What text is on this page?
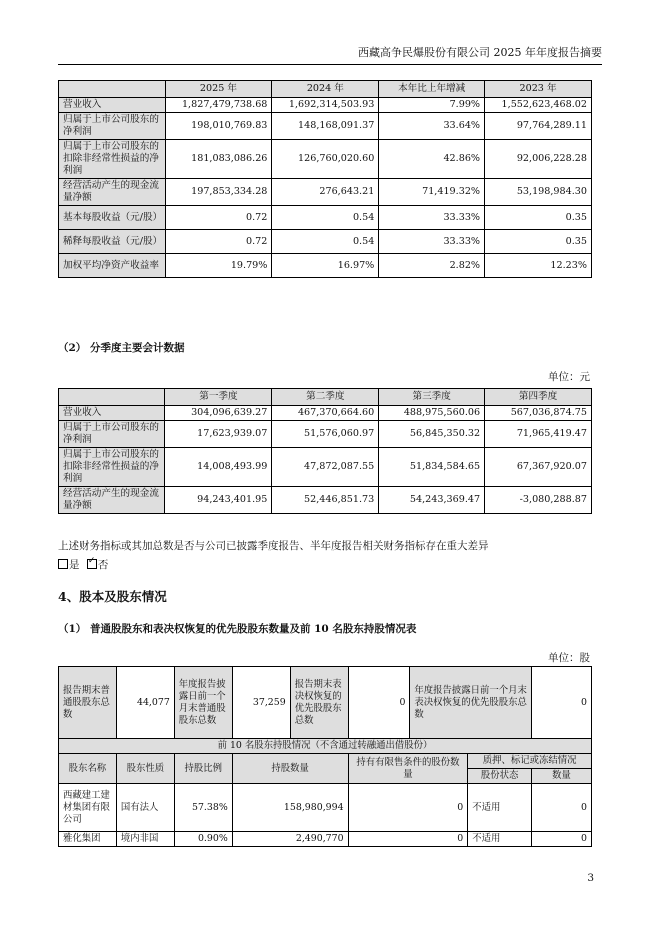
西藏高争民爆股份有限公司 2025 年年度报告摘要
	2025 年	2024 年	本年比上年增减	2023 年
营业收入	1,827,479,738.68	1,692,314,503.93	7.99%	1,552,623,468.02
归属于上市公司股东的净利润	198,010,769.83	148,168,091.37	33.64%	97,764,289.11
归属于上市公司股东的扣除非经常性损益的净利润	181,083,086.26	126,760,020.60	42.86%	92,006,228.28
经营活动产生的现金流量净额	197,853,334.28	276,643.21	71,419.32%	53,198,984.30
基本每股收益（元/股）	0.72	0.54	33.33%	0.35
稀释每股收益（元/股）	0.72	0.54	33.33%	0.35
加权平均净资产收益率	19.79%	16.97%	2.82%	12.23%
（2） 分季度主要会计数据
单位：元
	第一季度	第二季度	第三季度	第四季度
营业收入	304,096,639.27	467,370,664.60	488,975,560.06	567,036,874.75
归属于上市公司股东的净利润	17,623,939.07	51,576,060.97	56,845,350.32	71,965,419.47
归属于上市公司股东的扣除非经常性损益的净利润	14,008,493.99	47,872,087.55	51,834,584.65	67,367,920.07
经营活动产生的现金流量净额	94,243,401.95	52,446,851.73	54,243,369.47	-3,080,288.87
上述财务指标或其加总数是否与公司已披露季度报告、半年度报告相关财务指标存在重大差异
是 ✓ 否
4、股本及股东情况
（1） 普通股股东和表决权恢复的优先股股东数量及前 10 名股东持股情况表
单位：股
报告期末普通股股东总数	44,077	年度报告披露日前一个月末普通股股东总数	37,259	报告期末表决权恢复的优先股股东总数	0	年度报告披露日前一个月末表决权恢复的优先股股东总数		0
前 10 名股东持股情况（不含通过转融通出借股份）								
股东名称	股东性质	持股比例	持股数量		持有有限售条件的股份数量		质押、标记或冻结情况	
							股份状态	数量
西藏建工建材集团有限公司	国有法人	57.38%	158,980,994		0		不适用	0
雅化集团	境内非国	0.90%	2,490,770		0		不适用	0
3
